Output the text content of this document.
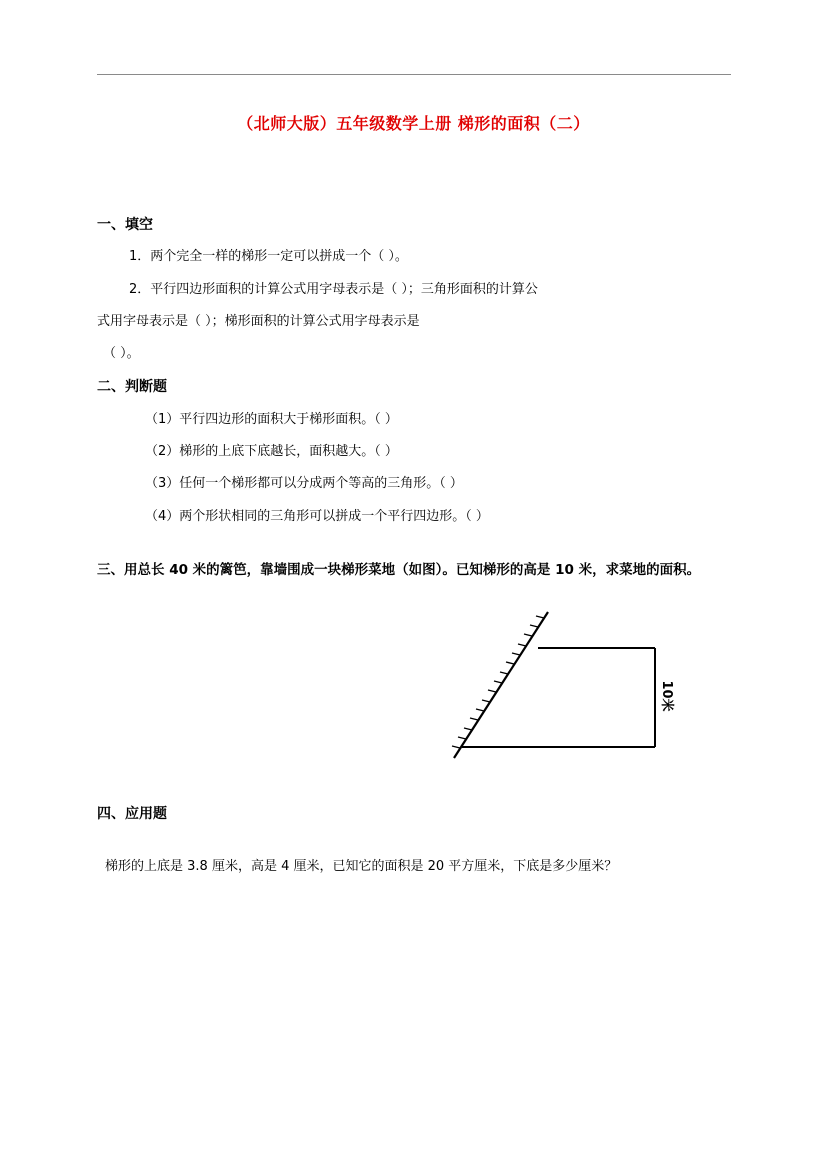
（北师大版）五年级数学上册 梯形的面积（二）
一、填空
1．两个完全一样的梯形一定可以拼成一个（ ）。
2．平行四边形面积的计算公式用字母表示是（ ）；三角形面积的计算公
式用字母表示是（ ）；梯形面积的计算公式用字母表示是
（ ）。
二、判断题
（1）平行四边形的面积大于梯形面积。（ ）
（2）梯形的上底下底越长，面积越大。（ ）
（3）任何一个梯形都可以分成两个等高的三角形。（ ）
（4）两个形状相同的三角形可以拼成一个平行四边形。（ ）
三、用总长 40 米的篱笆，靠墙围成一块梯形菜地（如图）。已知梯形的高是 10 米，求菜地的面积。
10米
四、应用题
梯形的上底是 3.8 厘米，高是 4 厘米，已知它的面积是 20 平方厘米，下底是多少厘米？
